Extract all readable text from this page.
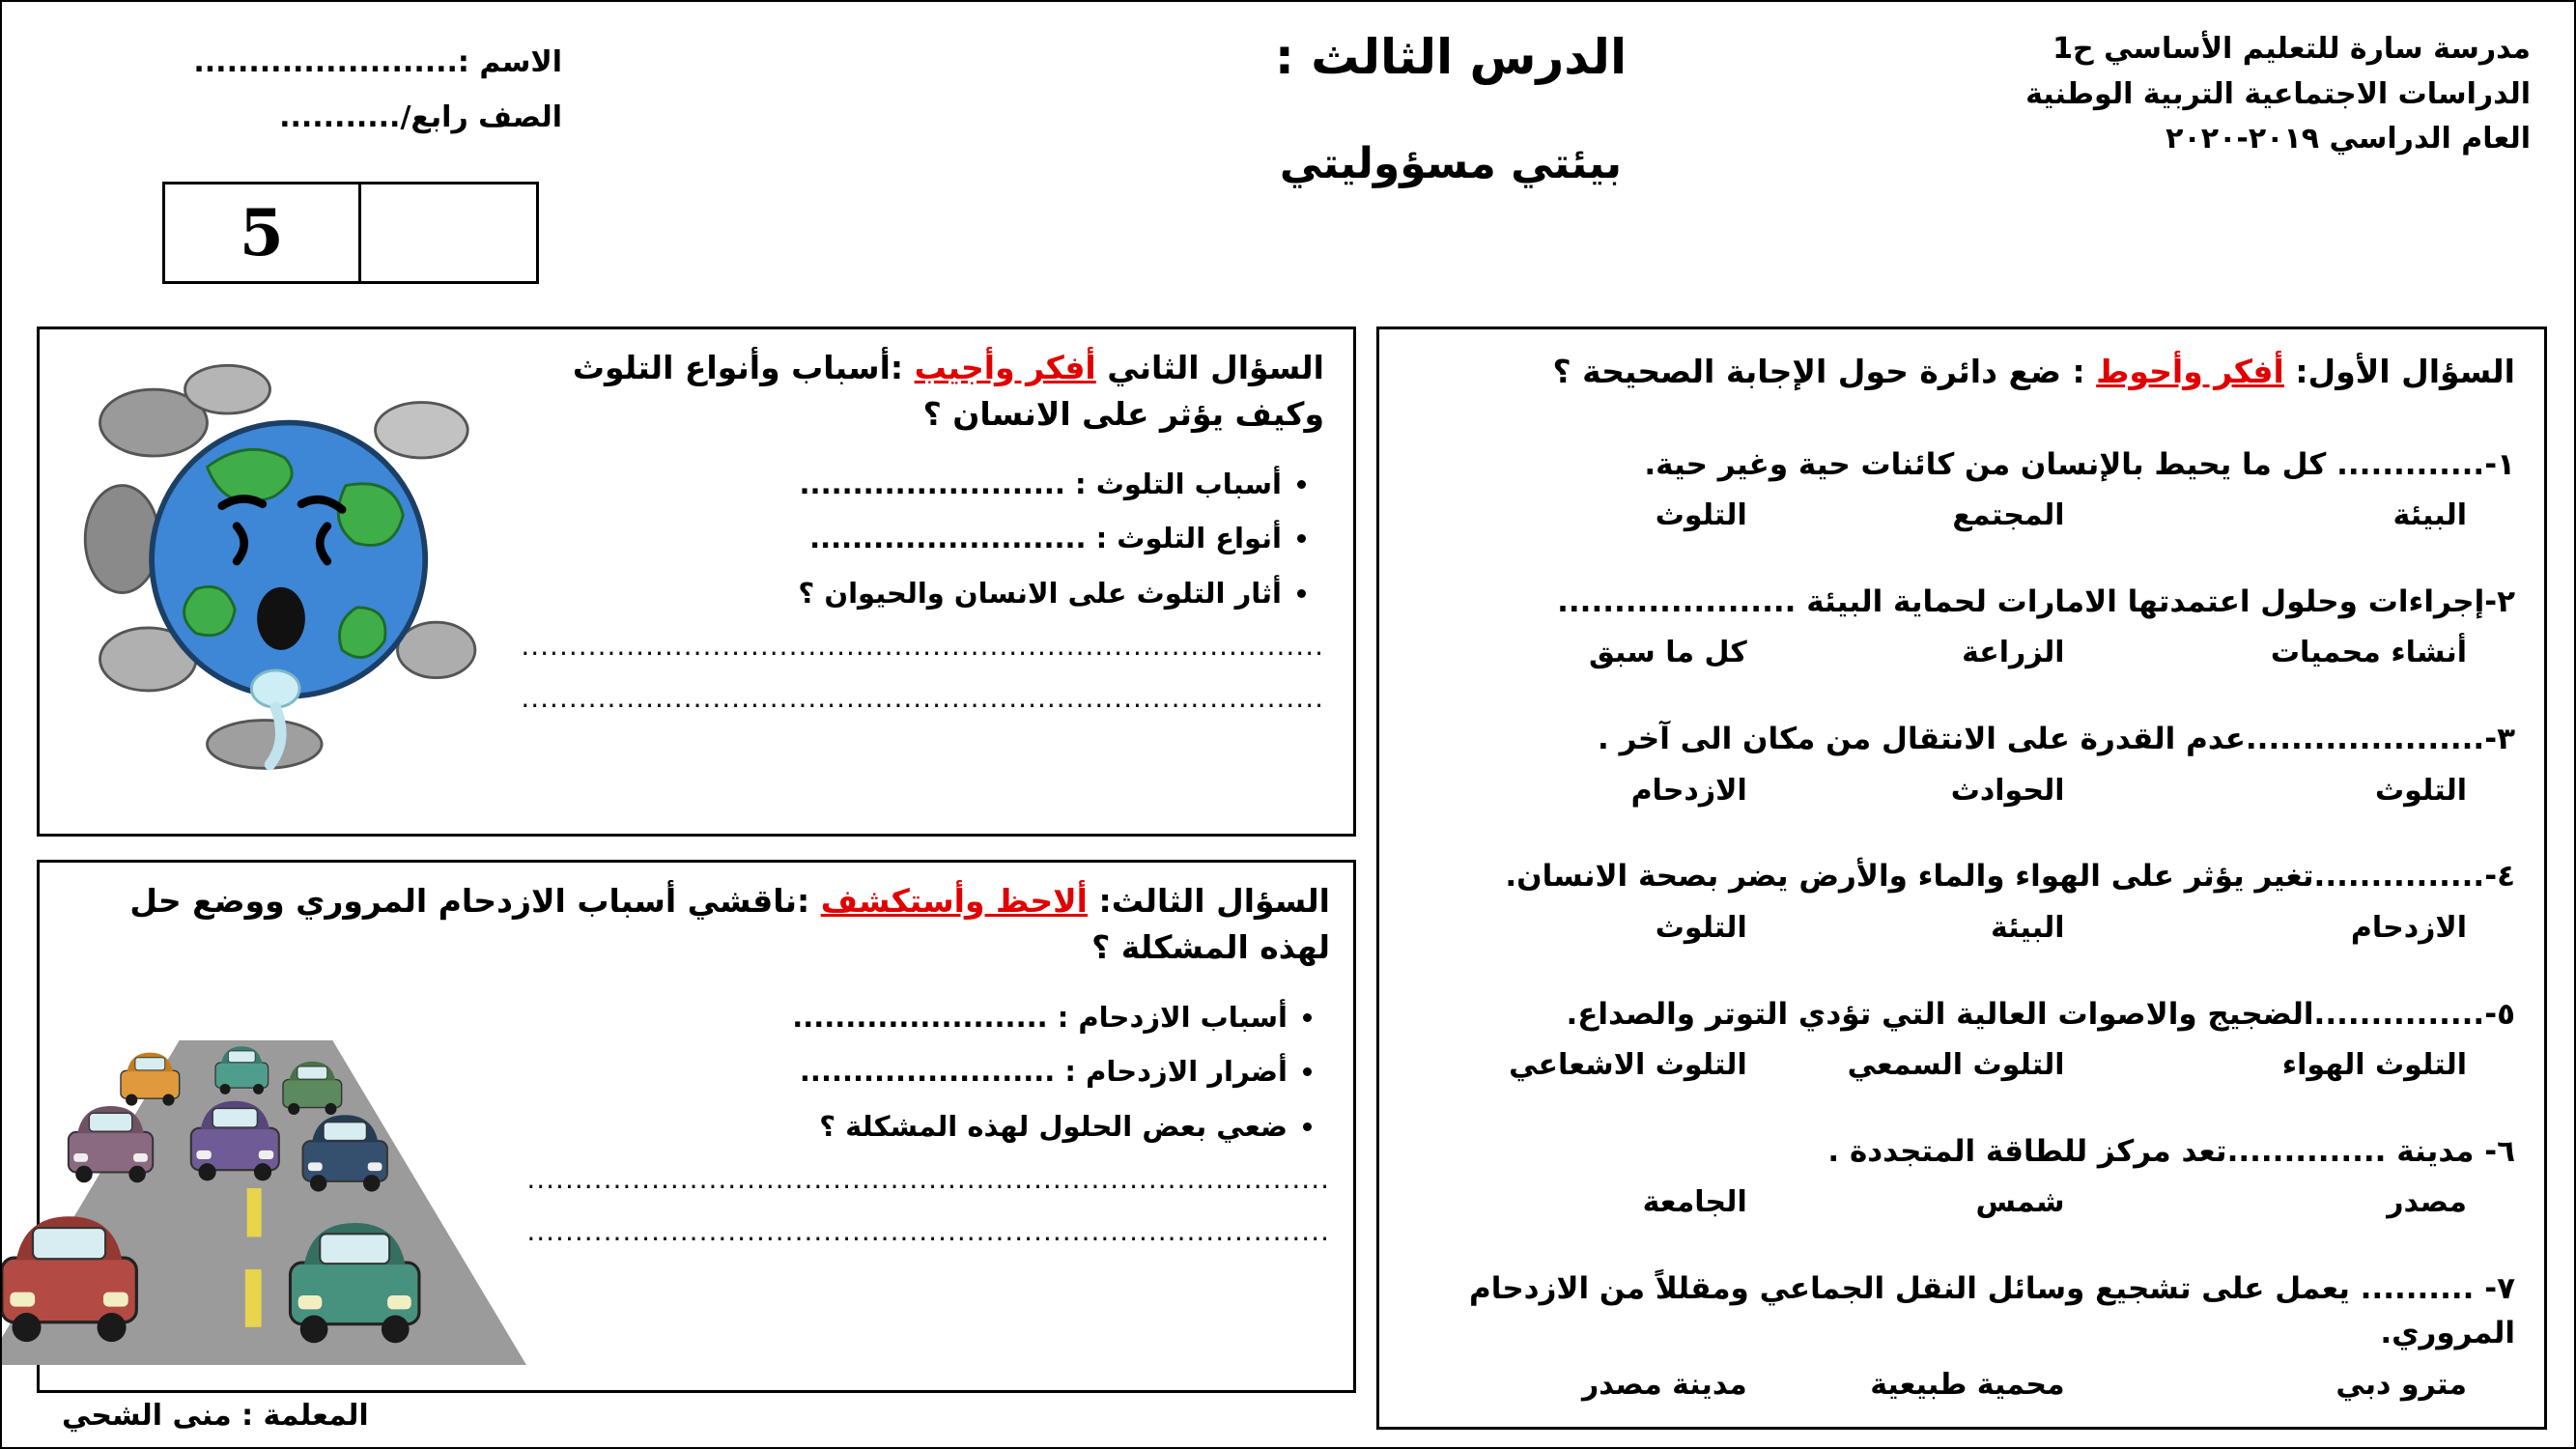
مدرسة سارة للتعليم الأساسي ح1
الدراسات الاجتماعية التربية الوطنية
العام الدراسي ٢٠١٩-٢٠٢٠
الدرس الثالث :
بيئتي مسؤوليتي
الاسم :........................
الصف رابع/...........
5
السؤال الأول: أفكر وأحوط : ضع دائرة حول الإجابة الصحيحة ؟
١-............. كل ما يحيط بالإنسان من كائنات حية وغير حية.
البيئة
المجتمع
التلوث
٢-إجراءات وحلول اعتمدتها الامارات لحماية البيئة .....................
أنشاء محميات
الزراعة
كل ما سبق
٣-.....................عدم القدرة على الانتقال من مكان الى آخر .
التلوث
الحوادث
الازدحام
٤-...............تغير يؤثر على الهواء والماء والأرض يضر بصحة الانسان.
الازدحام
البيئة
التلوث
٥-...............الضجيج والاصوات العالية التي تؤدي التوتر والصداع.
التلوث الهواء
التلوث السمعي
التلوث الاشعاعي
٦- مدينة ..............تعد مركز للطاقة المتجددة .
مصدر
شمس
الجامعة
٧- .......... يعمل على تشجيع وسائل النقل الجماعي ومقللاً من الازدحام المروري.
مترو دبي
محمية طبيعية
مدينة مصدر
السؤال الثاني أفكر وأجيب :أسباب وأنواع التلوث وكيف يؤثر على الانسان ؟
• أسباب التلوث : .........................
• أنواع التلوث : ..........................
• أثار التلوث على الانسان والحيوان ؟
....................................................................................
....................................................................................
السؤال الثالث: ألاحظ وأستكشف :ناقشي أسباب الازدحام المروري ووضع حل لهذه المشكلة ؟
• أسباب الازدحام : ........................
• أضرار الازدحام : ........................
• ضعي بعض الحلول لهذه المشكلة ؟
....................................................................................
....................................................................................
المعلمة : منى الشحي
